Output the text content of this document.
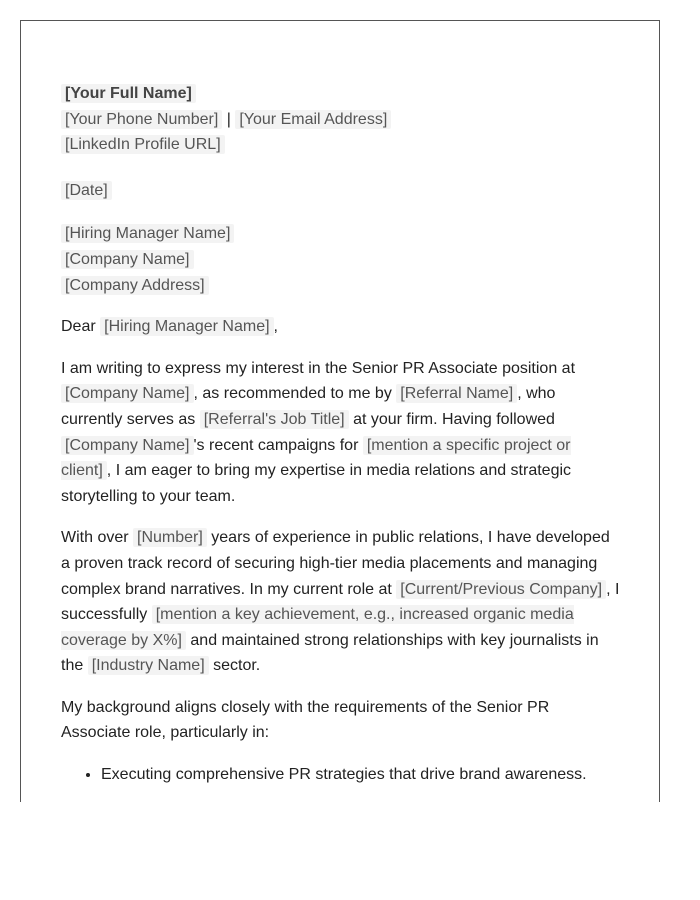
[Your Full Name]
[Your Phone Number] | [Your Email Address]
[LinkedIn Profile URL]
[Date]
[Hiring Manager Name]
[Company Name]
[Company Address]

Dear [Hiring Manager Name] ,

I am writing to express my interest in the Senior PR Associate position at [Company Name] , as recommended to me by [Referral Name] , who currently serves as [Referral's Job Title] at your firm. Having followed [Company Name] 's recent campaigns for [mention a specific project or client] , I am eager to bring my expertise in media relations and strategic storytelling to your team.

With over [Number] years of experience in public relations, I have developed a proven track record of securing high-tier media placements and managing complex brand narratives. In my current role at [Current/Previous Company] , I successfully [mention a key achievement, e.g., increased organic media coverage by X%] and maintained strong relationships with key journalists in the [Industry Name] sector.

My background aligns closely with the requirements of the Senior PR Associate role, particularly in:

• Executing comprehensive PR strategies that drive brand awareness.
